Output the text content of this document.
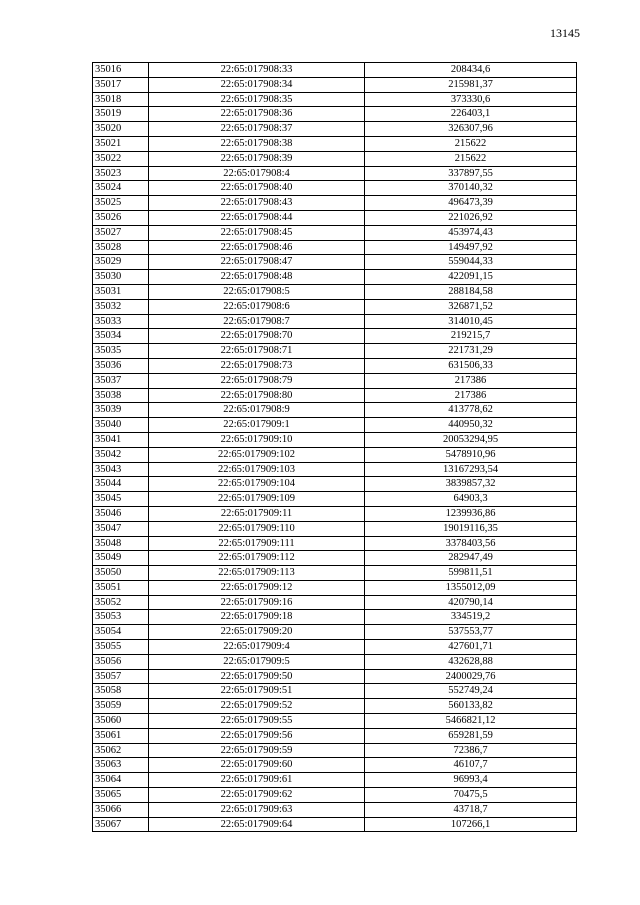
13145
35016	22:65:017908:33	208434,6
35017	22:65:017908:34	215981,37
35018	22:65:017908:35	373330,6
35019	22:65:017908:36	226403,1
35020	22:65:017908:37	326307,96
35021	22:65:017908:38	215622
35022	22:65:017908:39	215622
35023	22:65:017908:4	337897,55
35024	22:65:017908:40	370140,32
35025	22:65:017908:43	496473,39
35026	22:65:017908:44	221026,92
35027	22:65:017908:45	453974,43
35028	22:65:017908:46	149497,92
35029	22:65:017908:47	559044,33
35030	22:65:017908:48	422091,15
35031	22:65:017908:5	288184,58
35032	22:65:017908:6	326871,52
35033	22:65:017908:7	314010,45
35034	22:65:017908:70	219215,7
35035	22:65:017908:71	221731,29
35036	22:65:017908:73	631506,33
35037	22:65:017908:79	217386
35038	22:65:017908:80	217386
35039	22:65:017908:9	413778,62
35040	22:65:017909:1	440950,32
35041	22:65:017909:10	20053294,95
35042	22:65:017909:102	5478910,96
35043	22:65:017909:103	13167293,54
35044	22:65:017909:104	3839857,32
35045	22:65:017909:109	64903,3
35046	22:65:017909:11	1239936,86
35047	22:65:017909:110	19019116,35
35048	22:65:017909:111	3378403,56
35049	22:65:017909:112	282947,49
35050	22:65:017909:113	599811,51
35051	22:65:017909:12	1355012,09
35052	22:65:017909:16	420790,14
35053	22:65:017909:18	334519,2
35054	22:65:017909:20	537553,77
35055	22:65:017909:4	427601,71
35056	22:65:017909:5	432628,88
35057	22:65:017909:50	2400029,76
35058	22:65:017909:51	552749,24
35059	22:65:017909:52	560133,82
35060	22:65:017909:55	5466821,12
35061	22:65:017909:56	659281,59
35062	22:65:017909:59	72386,7
35063	22:65:017909:60	46107,7
35064	22:65:017909:61	96993,4
35065	22:65:017909:62	70475,5
35066	22:65:017909:63	43718,7
35067	22:65:017909:64	107266,1
